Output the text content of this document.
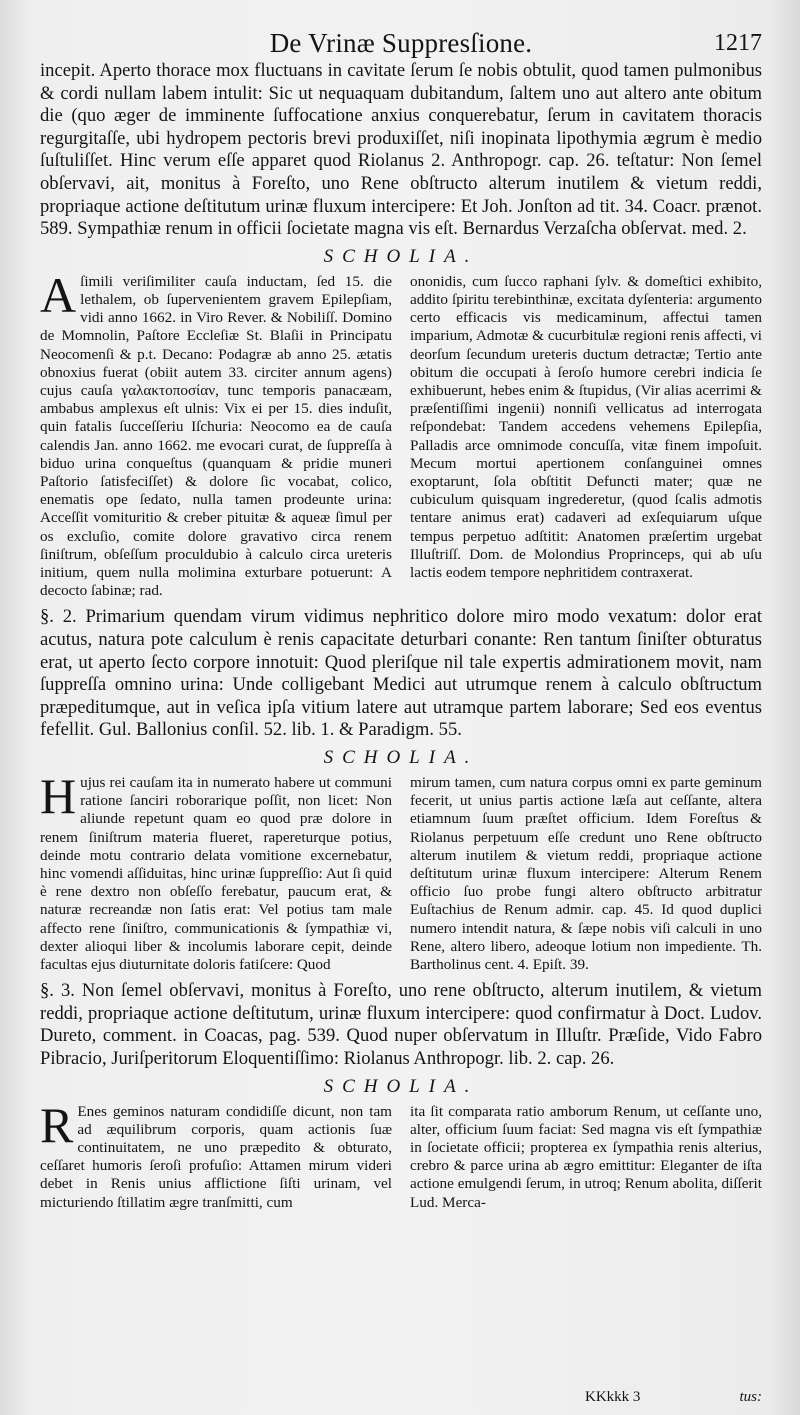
De Vrinæ Suppresſione.	1217

incepit. Aperto thorace mox fluctuans in cavitate ſerum ſe nobis obtulit, quod tamen pulmonibus & cordi nullam labem intulit: Sic ut nequaquam dubitandum, ſaltem uno aut altero ante obitum die (quo æger de imminente ſuffocatione anxius conquerebatur, ſerum in cavitatem thoracis regurgitaſſe, ubi hydropem pectoris brevi produxiſſet, niſi inopinata lipothymia ægrum è medio ſuſtuliſſet. Hinc verum eſſe apparet quod Riolanus 2. Anthropogr. cap. 26. teſtatur: Non ſemel obſervavi, ait, monitus à Foreſto, uno Rene obſtructo alterum inutilem & vietum reddi, propriaque actione deſtitutum urinæ fluxum intercipere: Et Joh. Jonſton ad tit. 34. Coacr. prænot. 589. Sympathiæ renum in officii ſocietate magna vis eſt. Bernardus Verzaſcha obſervat. med. 2.

SCHOLIA.
A ſimili veriſimiliter cauſa inductam, ſed 15. die lethalem, ob ſupervenientem gravem Epilepſiam, vidi anno 1662. in Viro Rever. & Nobiliſſ. Domino de Momnolin, Paſtore Eccleſiæ St. Blaſii in Principatu Neocomenſi & p.t. Decano: Podagræ ab anno 25. ætatis obnoxius fuerat (obiit autem 33. circiter annum agens) cujus cauſa γαλακτοποσίαν, tunc temporis panacæam, ambabus amplexus eſt ulnis: Vix ei per 15. dies induſit, quin fatalis ſucceſſeriu Iſchuria: Neocomo ea de cauſa calendis Jan. anno 1662. me evocari curat, de ſuppreſſa à biduo urina conqueſtus (quanquam & pridie muneri Paſtorio ſatisfeciſſet) & dolore ſic vocabat, colico, enematis ope ſedato, nulla tamen prodeunte urina: Acceſſit vomituritio & creber pituitæ & aqueæ ſimul per os excluſio, comite dolore gravativo circa renem ſiniſtrum, obſeſſum proculdubio à calculo circa ureteris initium, quem nulla molimina exturbare potuerunt: A decocto ſabinæ; rad.
ononidis, cum ſucco raphani ſylv. & domeſtici exhibito, addito ſpiritu terebinthinæ, excitata dyſenteria: argumento certo efficacis vis medicaminum, affectui tamen imparium, Admotæ & cucurbitulæ regioni renis affecti, vi deorſum ſecundum ureteris ductum detractæ; Tertio ante obitum die occupati à ſeroſo humore cerebri indicia ſe exhibuerunt, hebes enim & ſtupidus, (Vir alias acerrimi & præſentiſſimi ingenii) nonniſi vellicatus ad interrogata reſpondebat: Tandem accedens vehemens Epilepſia, Palladis arce omnimode concuſſa, vitæ finem impoſuit. Mecum mortui apertionem conſanguinei omnes exoptarunt, ſola obſtitit Defuncti mater; quæ ne cubiculum quisquam ingrederetur, (quod ſcalis admotis tentare animus erat) cadaveri ad exſequiarum uſque tempus perpetuo adſtitit: Anatomen præſertim urgebat Illuſtriſſ. Dom. de Molondius Proprinceps, qui ab uſu lactis eodem tempore nephritidem contraxerat.

§. 2. Primarium quendam virum vidimus nephritico dolore miro modo vexatum: dolor erat acutus, natura pote calculum è renis capacitate deturbari conante: Ren tantum ſiniſter obturatus erat, ut aperto ſecto corpore innotuit: Quod pleriſque nil tale expertis admirationem movit, nam ſuppreſſa omnino urina: Unde colligebant Medici aut utrumque renem à calculo obſtructum præpeditumque, aut in veſica ipſa vitium latere aut utramque partem laborare; Sed eos eventus fefellit. Gul. Ballonius conſil. 52. lib. 1. & Paradigm. 55.

SCHOLIA.
H ujus rei cauſam ita in numerato habere ut communi ratione ſanciri roborarique poſſit, non licet: Non aliunde repetunt quam eo quod præ dolore in renem ſiniſtrum materia flueret, rapereturque potius, deinde motu contrario delata vomitione excernebatur, hinc vomendi aſſiduitas, hinc urinæ ſuppreſſio: Aut ſi quid è rene dextro non obſeſſo ferebatur, paucum erat, & naturæ recreandæ non ſatis erat: Vel potius tam male affecto rene ſiniſtro, communicationis & ſympathiæ vi, dexter alioqui liber & incolumis laborare cepit, deinde facultas ejus diuturnitate doloris fatiſcere: Quod
mirum tamen, cum natura corpus omni ex parte geminum fecerit, ut unius partis actione læſa aut ceſſante, altera etiamnum ſuum præſtet officium. Idem Foreſtus & Riolanus perpetuum eſſe credunt uno Rene obſtructo alterum inutilem & vietum reddi, propriaque actione deſtitutum urinæ fluxum intercipere: Alterum Renem officio ſuo probe fungi altero obſtructo arbitratur Euſtachius de Renum admir. cap. 45. Id quod duplici numero intendit natura, & ſæpe nobis viſi calculi in uno Rene, altero libero, adeoque lotium non impediente. Th. Bartholinus cent. 4. Epiſt. 39.

§. 3. Non ſemel obſervavi, monitus à Foreſto, uno rene obſtructo, alterum inutilem, & vietum reddi, propriaque actione deſtitutum, urinæ fluxum intercipere: quod confirmatur à Doct. Ludov. Dureto, comment. in Coacas, pag. 539. Quod nuper obſervatum in Illuſtr. Præſide, Vido Fabro Pibracio, Juriſperitorum Eloquentiſſimo: Riolanus Anthropogr. lib. 2. cap. 26.

SCHOLIA.
R Enes geminos naturam condidiſſe dicunt, non tam ad æquilibrum corporis, quam actionis ſuæ continuitatem, ne uno præpedito & obturato, ceſſaret humoris ſeroſi profuſio: Attamen mirum videri debet in Renis unius afflictione ſiſti urinam, vel micturiendo ſtillatim ægre tranſmitti, cum
ita ſit comparata ratio amborum Renum, ut ceſſante uno, alter, officium ſuum faciat: Sed magna vis eſt ſympathiæ in ſocietate officii; propterea ex ſympathia renis alterius, crebro & parce urina ab ægro emittitur: Eleganter de iſta actione emulgendi ſerum, in utroq; Renum abolita, diſſerit Lud. Merca-
KKkkk 3	tus:
